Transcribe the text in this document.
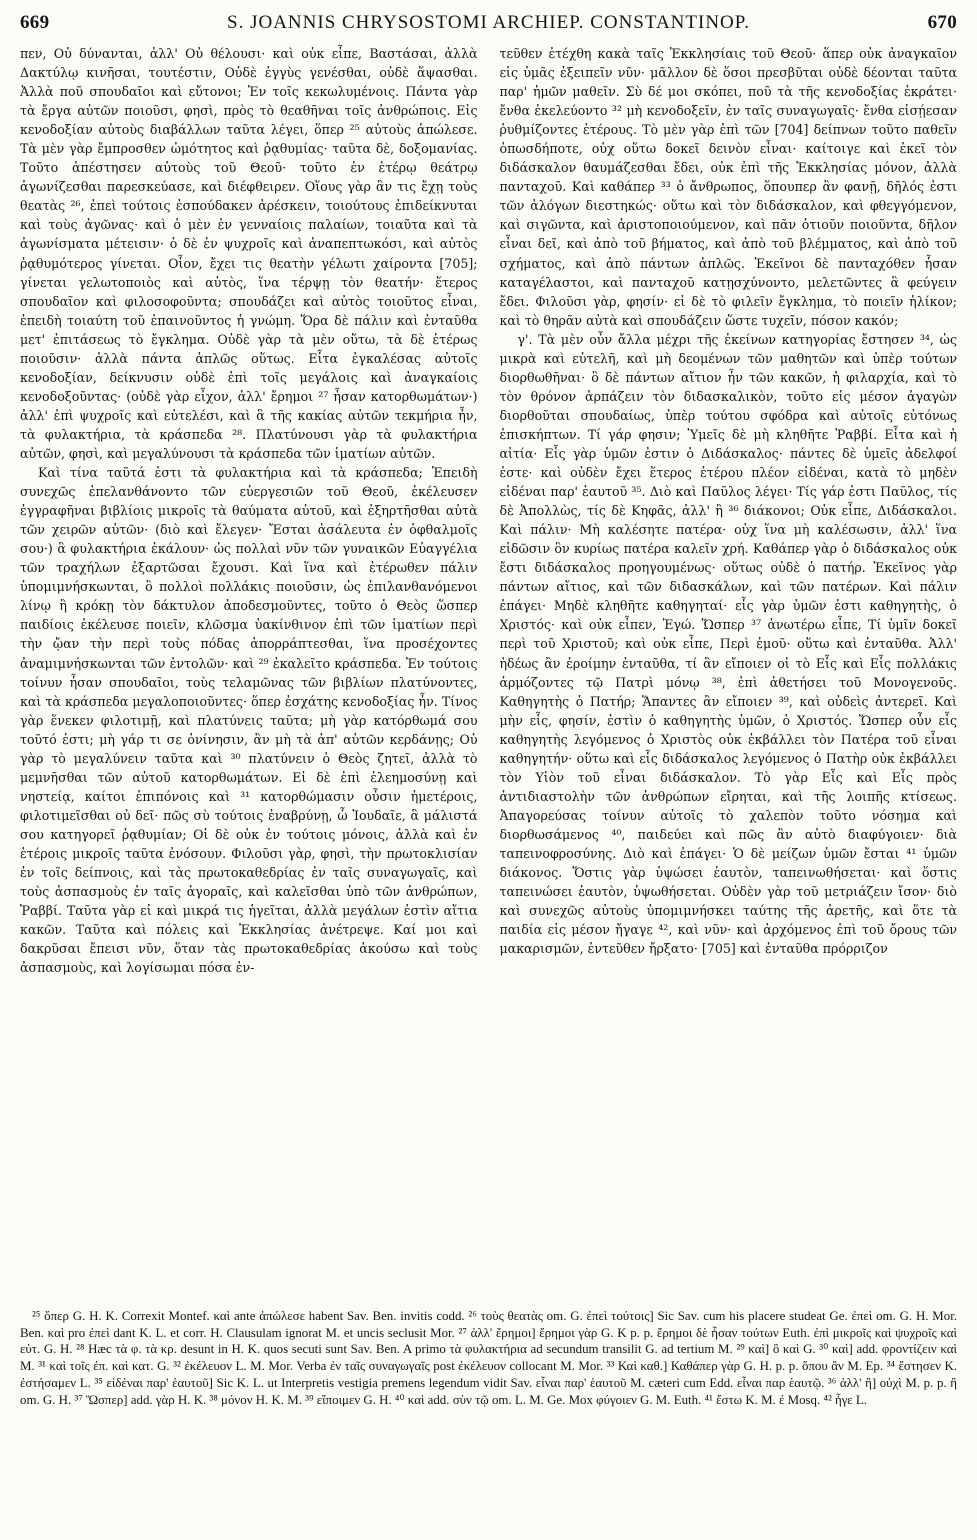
669	S. JOANNIS CHRYSOSTOMI ARCHIEP. CONSTANTINOP.	670

πεν, Οὐ δύνανται, ἀλλ' Οὐ θέλουσι· καὶ οὐκ εἶπε, Βαστάσαι, ἀλλὰ Δακτύλῳ κινῆσαι, τουτέστιν, Οὐδὲ ἐγγὺς γενέσθαι, οὐδὲ ἅψασθαι. Ἀλλὰ ποῦ σπουδαῖοι καὶ εὔτονοι; Ἐν τοῖς κεκωλυμένοις. Πάντα γὰρ τὰ ἔργα αὐτῶν ποιοῦσι, φησὶ, πρὸς τὸ θεαθῆναι τοῖς ἀνθρώποις. Εἰς κενοδοξίαν αὐτοὺς διαβάλλων ταῦτα λέγει, ὅπερ ²⁵ αὐτοὺς ἀπώλεσε. Τὰ μὲν γὰρ ἔμπροσθεν ὠμότητος καὶ ῥᾳθυμίας· ταῦτα δὲ, δοξομανίας. Τοῦτο ἀπέστησεν αὐτοὺς τοῦ Θεοῦ· τοῦτο ἐν ἑτέρῳ θεάτρῳ ἀγωνίζεσθαι παρεσκεύασε, καὶ διέφθειρεν. Οἵους γὰρ ἂν τις ἔχῃ τοὺς θεατὰς ²⁶, ἐπεὶ τούτοις ἐσπούδακεν ἀρέσκειν, τοιούτους ἐπιδείκνυται καὶ τοὺς ἀγῶνας· καὶ ὁ μὲν ἐν γενναίοις παλαίων, τοιαῦτα καὶ τὰ ἀγωνίσματα μέτεισιν· ὁ δὲ ἐν ψυχροῖς καὶ ἀναπεπτωκόσι, καὶ αὐτὸς ῥᾳθυμότερος γίνεται. Οἷον, ἔχει τις θεατὴν γέλωτι χαίροντα [705]; γίνεται γελωτοποιὸς καὶ αὐτὸς, ἵνα τέρψῃ τὸν θεατήν· ἕτερος σπουδαῖον καὶ φιλοσοφοῦντα; σπουδάζει καὶ αὐτὸς τοιοῦτος εἶναι, ἐπειδὴ τοιαύτη τοῦ ἐπαινοῦντος ἡ γνώμη. Ὅρα δὲ πάλιν καὶ ἐνταῦθα μετ' ἐπιτάσεως τὸ ἔγκλημα. Οὐδὲ γὰρ τὰ μὲν οὕτω, τὰ δὲ ἑτέρως ποιοῦσιν· ἀλλὰ πάντα ἁπλῶς οὕτως. Εἶτα ἐγκαλέσας αὐτοῖς κενοδοξίαν, δείκνυσιν οὐδὲ ἐπὶ τοῖς μεγάλοις καὶ ἀναγκαίοις κενοδοξοῦντας· (οὐδὲ γὰρ εἶχον, ἀλλ' ἔρημοι ²⁷ ἦσαν κατορθωμάτων·) ἀλλ' ἐπὶ ψυχροῖς καὶ εὐτελέσι, καὶ ἃ τῆς κακίας αὐτῶν τεκμήρια ἦν, τὰ φυλακτήρια, τὰ κράσπεδα ²⁸. Πλατύνουσι γὰρ τὰ φυλακτήρια αὐτῶν, φησὶ, καὶ μεγαλύνουσι τὰ κράσπεδα τῶν ἱματίων αὐτῶν.

Καὶ τίνα ταῦτά ἐστι τὰ φυλακτήρια καὶ τὰ κράσπεδα; Ἐπειδὴ συνεχῶς ἐπελανθάνοντο τῶν εὐεργεσιῶν τοῦ Θεοῦ, ἐκέλευσεν ἐγγραφῆναι βιβλίοις μικροῖς τὰ θαύματα αὐτοῦ, καὶ ἐξηρτῆσθαι αὐτὰ τῶν χειρῶν αὐτῶν· (διὸ καὶ ἔλεγεν· Ἔσται ἀσάλευτα ἐν ὀφθαλμοῖς σου·) ἃ φυλακτήρια ἐκάλουν· ὡς πολλαὶ νῦν τῶν γυναικῶν Εὐαγγέλια τῶν τραχήλων ἐξαρτῶσαι ἔχουσι. Καὶ ἵνα καὶ ἑτέρωθεν πάλιν ὑπομιμνήσκωνται, ὃ πολλοὶ πολλάκις ποιοῦσιν, ὡς ἐπιλανθανόμενοι λίνῳ ἢ κρόκῃ τὸν δάκτυλον ἀποδεσμοῦντες, τοῦτο ὁ Θεὸς ὥσπερ παιδίοις ἐκέλευσε ποιεῖν, κλῶσμα ὑακίνθινον ἐπὶ τῶν ἱματίων περὶ τὴν ᾤαν τὴν περὶ τοὺς πόδας ἀπορράπτεσθαι, ἵνα προσέχοντες ἀναμιμνήσκωνται τῶν ἐντολῶν· καὶ ²⁹ ἐκαλεῖτο κράσπεδα. Ἐν τούτοις τοίνυν ἦσαν σπουδαῖοι, τοὺς τελαμῶνας τῶν βιβλίων πλατύνοντες, καὶ τὰ κράσπεδα μεγαλοποιοῦντες· ὅπερ ἐσχάτης κενοδοξίας ἦν. Τίνος γὰρ ἕνεκεν φιλοτιμῇ, καὶ πλατύνεις ταῦτα; μὴ γὰρ κατόρθωμά σου τοῦτό ἐστι; μὴ γάρ τι σε ὀνίνησιν, ἂν μὴ τὰ ἀπ' αὐτῶν κερδάνῃς; Οὐ γὰρ τὸ μεγαλύνειν ταῦτα καὶ ³⁰ πλατύνειν ὁ Θεὸς ζητεῖ, ἀλλὰ τὸ μεμνῆσθαι τῶν αὐτοῦ κατορθωμάτων. Εἰ δὲ ἐπὶ ἐλεημοσύνῃ καὶ νηστείᾳ, καίτοι ἐπιπόνοις καὶ ³¹ κατορθώμασιν οὖσιν ἡμετέροις, φιλοτιμεῖσθαι οὐ δεῖ· πῶς σὺ τούτοις ἐναβρύνῃ, ὦ Ἰουδαῖε, ἃ μάλιστά σου κατηγορεῖ ῥᾳθυμίαν; Οἱ δὲ οὐκ ἐν τούτοις μόνοις, ἀλλὰ καὶ ἐν ἑτέροις μικροῖς ταῦτα ἐνόσουν. Φιλοῦσι γὰρ, φησὶ, τὴν πρωτοκλισίαν ἐν τοῖς δείπνοις, καὶ τὰς πρωτοκαθεδρίας ἐν ταῖς συναγωγαῖς, καὶ τοὺς ἀσπασμοὺς ἐν ταῖς ἀγοραῖς, καὶ καλεῖσθαι ὑπὸ τῶν ἀνθρώπων, Ῥαββί. Ταῦτα γὰρ εἰ καὶ μικρά τις ἡγεῖται, ἀλλὰ μεγάλων ἐστὶν αἴτια κακῶν. Ταῦτα καὶ πόλεις καὶ Ἐκκλησίας ἀνέτρεψε. Καί μοι καὶ δακρῦσαι ἔπεισι νῦν, ὅταν τὰς πρωτοκαθεδρίας ἀκούσω καὶ τοὺς ἀσπασμοὺς, καὶ λογίσωμαι πόσα ἐν-

τεῦθεν ἐτέχθη κακὰ ταῖς Ἐκκλησίαις τοῦ Θεοῦ· ἅπερ οὐκ ἀναγκαῖον εἰς ὑμᾶς ἐξειπεῖν νῦν· μᾶλλον δὲ ὅσοι πρεσβῦται οὐδὲ δέονται ταῦτα παρ' ἡμῶν μαθεῖν. Σὺ δέ μοι σκόπει, ποῦ τὰ τῆς κενοδοξίας ἐκράτει· ἔνθα ἐκελεύοντο ³² μὴ κενοδοξεῖν, ἐν ταῖς συναγωγαῖς· ἔνθα εἰσῄεσαν ῥυθμίζοντες ἑτέρους. Τὸ μὲν γὰρ ἐπὶ τῶν [704] δείπνων τοῦτο παθεῖν ὁπωσδήποτε, οὐχ οὕτω δοκεῖ δεινὸν εἶναι· καίτοιγε καὶ ἐκεῖ τὸν διδάσκαλον θαυμάζεσθαι ἔδει, οὐκ ἐπὶ τῆς Ἐκκλησίας μόνον, ἀλλὰ πανταχοῦ. Καὶ καθάπερ ³³ ὁ ἄνθρωπος, ὅπουπερ ἂν φανῇ, δῆλός ἐστι τῶν ἀλόγων διεστηκώς· οὕτω καὶ τὸν διδάσκαλον, καὶ φθεγγόμενον, καὶ σιγῶντα, καὶ ἀριστοποιούμενον, καὶ πᾶν ὁτιοῦν ποιοῦντα, δῆλον εἶναι δεῖ, καὶ ἀπὸ τοῦ βήματος, καὶ ἀπὸ τοῦ βλέμματος, καὶ ἀπὸ τοῦ σχήματος, καὶ ἀπὸ πάντων ἁπλῶς. Ἐκεῖνοι δὲ πανταχόθεν ἦσαν καταγέλαστοι, καὶ πανταχοῦ κατῃσχύνοντο, μελετῶντες ἃ φεύγειν ἔδει. Φιλοῦσι γὰρ, φησίν· εἰ δὲ τὸ φιλεῖν ἔγκλημα, τὸ ποιεῖν ἡλίκον; καὶ τὸ θηρᾶν αὐτὰ καὶ σπουδάζειν ὥστε τυχεῖν, πόσον κακόν;

γ'. Τὰ μὲν οὖν ἄλλα μέχρι τῆς ἐκείνων κατηγορίας ἔστησεν ³⁴, ὡς μικρὰ καὶ εὐτελῆ, καὶ μὴ δεομένων τῶν μαθητῶν καὶ ὑπὲρ τούτων διορθωθῆναι· ὃ δὲ πάντων αἴτιον ἦν τῶν κακῶν, ἡ φιλαρχία, καὶ τὸ τὸν θρόνον ἁρπάζειν τὸν διδασκαλικὸν, τοῦτο εἰς μέσον ἀγαγὼν διορθοῦται σπουδαίως, ὑπὲρ τούτου σφόδρα καὶ αὐτοῖς εὐτόνως ἐπισκήπτων. Τί γάρ φησιν; Ὑμεῖς δὲ μὴ κληθῆτε Ῥαββί. Εἶτα καὶ ἡ αἰτία· Εἷς γὰρ ὑμῶν ἐστιν ὁ Διδάσκαλος· πάντες δὲ ὑμεῖς ἀδελφοί ἐστε· καὶ οὐδὲν ἔχει ἕτερος ἑτέρου πλέον εἰδέναι, κατὰ τὸ μηδὲν εἰδέναι παρ' ἑαυτοῦ ³⁵. Διὸ καὶ Παῦλος λέγει· Τίς γάρ ἐστι Παῦλος, τίς δὲ Ἀπολλὼς, τίς δὲ Κηφᾶς, ἀλλ' ἢ ³⁶ διάκονοι; Οὐκ εἶπε, Διδάσκαλοι. Καὶ πάλιν· Μὴ καλέσητε πατέρα· οὐχ ἵνα μὴ καλέσωσιν, ἀλλ' ἵνα εἰδῶσιν ὃν κυρίως πατέρα καλεῖν χρή. Καθάπερ γὰρ ὁ διδάσκαλος οὐκ ἔστι διδάσκαλος προηγουμένως· οὕτως οὐδὲ ὁ πατήρ. Ἐκεῖνος γὰρ πάντων αἴτιος, καὶ τῶν διδασκάλων, καὶ τῶν πατέρων. Καὶ πάλιν ἐπάγει· Μηδὲ κληθῆτε καθηγηταί· εἷς γὰρ ὑμῶν ἐστι καθηγητὴς, ὁ Χριστός· καὶ οὐκ εἶπεν, Ἐγώ. Ὥσπερ ³⁷ ἀνωτέρω εἶπε, Τί ὑμῖν δοκεῖ περὶ τοῦ Χριστοῦ; καὶ οὐκ εἶπε, Περὶ ἐμοῦ· οὕτω καὶ ἐνταῦθα. Ἀλλ' ἡδέως ἂν ἐροίμην ἐνταῦθα, τί ἂν εἴποιεν οἱ τὸ Εἷς καὶ Εἷς πολλάκις ἁρμόζοντες τῷ Πατρὶ μόνῳ ³⁸, ἐπὶ ἀθετήσει τοῦ Μονογενοῦς. Καθηγητὴς ὁ Πατήρ; Ἅπαντες ἂν εἴποιεν ³⁹, καὶ οὐδεὶς ἀντερεῖ. Καὶ μὴν εἷς, φησίν, ἐστὶν ὁ καθηγητὴς ὑμῶν, ὁ Χριστός. Ὥσπερ οὖν εἷς καθηγητὴς λεγόμενος ὁ Χριστὸς οὐκ ἐκβάλλει τὸν Πατέρα τοῦ εἶναι καθηγητήν· οὕτω καὶ εἷς διδάσκαλος λεγόμενος ὁ Πατὴρ οὐκ ἐκβάλλει τὸν Υἱὸν τοῦ εἶναι διδάσκαλον. Τὸ γὰρ Εἷς καὶ Εἷς πρὸς ἀντιδιαστολὴν τῶν ἀνθρώπων εἴρηται, καὶ τῆς λοιπῆς κτίσεως. Ἀπαγορεύσας τοίνυν αὐτοῖς τὸ χαλεπὸν τοῦτο νόσημα καὶ διορθωσάμενος ⁴⁰, παιδεύει καὶ πῶς ἂν αὐτὸ διαφύγοιεν· διὰ ταπεινοφροσύνης. Διὸ καὶ ἐπάγει· Ὁ δὲ μείζων ὑμῶν ἔσται ⁴¹ ὑμῶν διάκονος. Ὅστις γὰρ ὑψώσει ἑαυτὸν, ταπεινωθήσεται· καὶ ὅστις ταπεινώσει ἑαυτὸν, ὑψωθήσεται. Οὐδὲν γὰρ τοῦ μετριάζειν ἴσον· διὸ καὶ συνεχῶς αὐτοὺς ὑπομιμνήσκει ταύτης τῆς ἀρετῆς, καὶ ὅτε τὰ παιδία εἰς μέσον ἤγαγε ⁴², καὶ νῦν· καὶ ἀρχόμενος ἐπὶ τοῦ ὄρους τῶν μακαρισμῶν, ἐντεῦθεν ἤρξατο· [705] καὶ ἐνταῦθα πρόρριζον

²⁵ ὅπερ G. H. K. Correxit Montef. καὶ ante ἀπώλεσε habent Sav. Ben. invitis codd. ²⁶ τοὺς θεατὰς om. G. ἐπεὶ τούτοις] Sic Sav. cum his placere studeat Ge. ἐπεὶ om. G. H. Mor. Ben. καὶ pro ἐπεὶ dant K. L. et corr. H. Clausulam ignorat M. et uncis seclusit Mor. ²⁷ ἀλλ' ἔρημοι] ἔρημοι γὰρ G. K p. p. ἔρημοι δὲ ἦσαν τούτων Euth. ἐπὶ μικροῖς καὶ ψυχροῖς καὶ εὐτ. G. H. ²⁸ Hæc τὰ φ. τὰ κρ. desunt in H. K. quos secuti sunt Sav. Ben. A primo τὰ φυλακτήρια ad secundum transilit G. ad tertium M. ²⁹ καὶ] ὃ καὶ G. ³⁰ καὶ] add. φροντίζειν καὶ M. ³¹ καὶ τοῖς ἐπ. καὶ κατ. G. ³² ἐκέλευον L. M. Mor. Verba ἐν ταῖς συναγωγαῖς post ἐκέλευον collocant M. Mor. ³³ Καὶ καθ.] Καθάπερ γὰρ G. H. p. p. ὅπου ἂν M. Ep. ³⁴ ἔστησεν K. ἐστήσαμεν L. ³⁵ εἰδέναι παρ' ἑαυτοῦ] Sic K. L. ut Interpretis vestigia premens legendum vidit Sav. εἶναι παρ' ἑαυτοῦ M. cæteri cum Edd. εἶναι παρ ἑαυτῷ. ³⁶ ἀλλ' ἢ] οὐχὶ M. p. p. ἢ om. G. H. ³⁷ Ὥσπερ] add. γὰρ H. K. ³⁸ μόνον H. K. M. ³⁹ εἴποιμεν G. H. ⁴⁰ καὶ add. σὺν τῷ om. L. M. Ge. Mox φύγοιεν G. M. Euth. ⁴¹ ἔστω K. M. ἐ Mosq. ⁴² ἦγε L.
